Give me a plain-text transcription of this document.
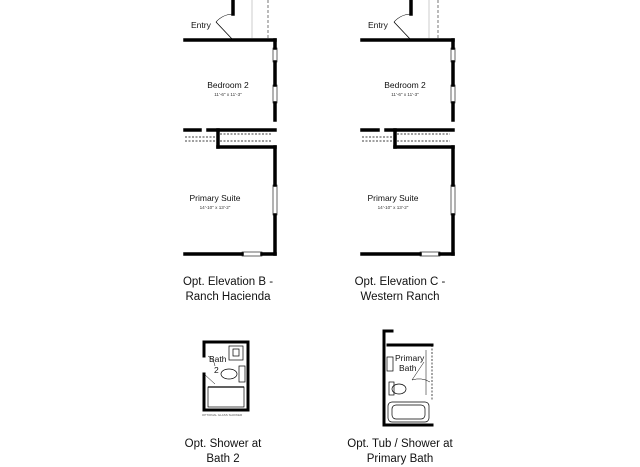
Entry
Bedroom 2
11'-6" x 11'-3"
Primary Suite
14'-10" x 13'-2"
Entry
Bedroom 2
11'-6" x 11'-3"
Primary Suite
14'-10" x 13'-2"
Bath
2
OPTIONAL GLASS SHOWER
Primary
Bath
Opt. Elevation B -
Ranch Hacienda
Opt. Elevation C -
Western Ranch
Opt. Shower at
Bath 2
Opt. Tub / Shower at
Primary Bath
